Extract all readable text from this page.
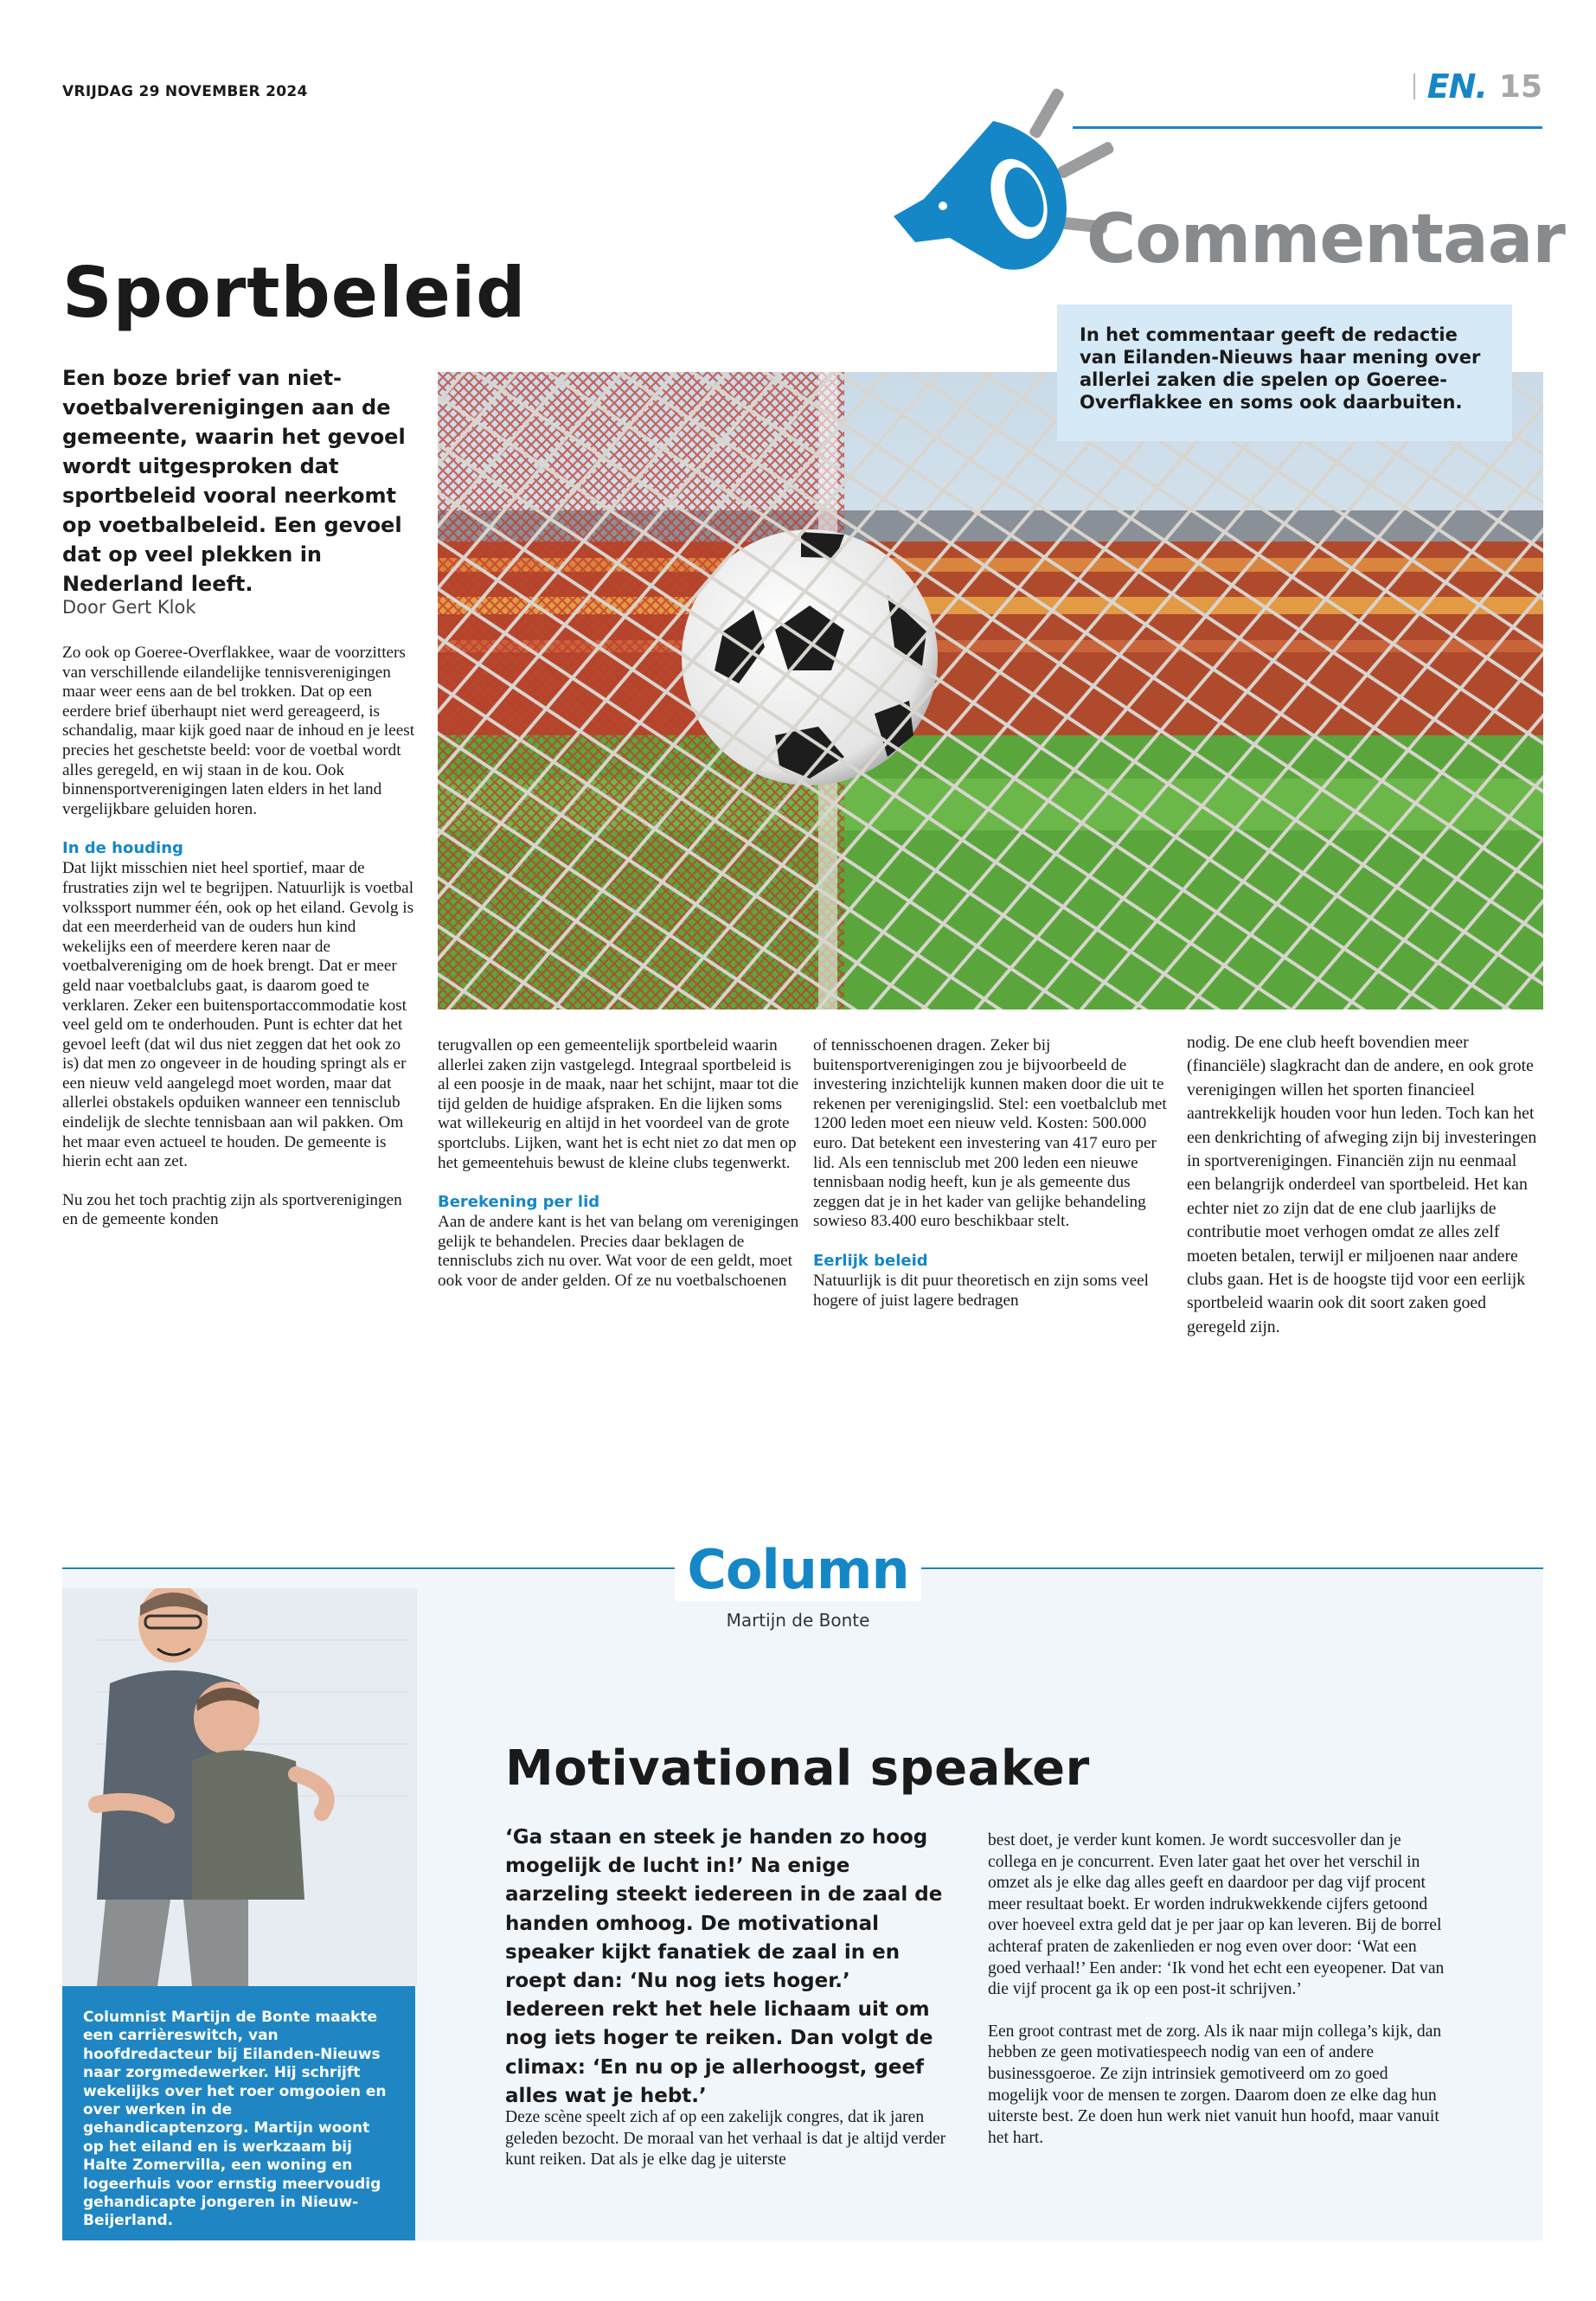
VRIJDAG 29 NOVEMBER 2024	EN. 15
Commentaar
Sportbeleid
Een boze brief van niet-voetbalverenigingen aan de gemeente, waarin het gevoel wordt uitgesproken dat sportbeleid vooral neerkomt op voetbalbeleid. Een gevoel dat op veel plekken in Nederland leeft.
Door Gert Klok
In het commentaar geeft de redactie van Eilanden-Nieuws haar mening over allerlei zaken die spelen op Goeree-Overflakkee en soms ook daarbuiten.

Zo ook op Goeree-Overflakkee, waar de voorzitters van verschillende eilandelijke tennisverenigingen maar weer eens aan de bel trokken. Dat op een eerdere brief überhaupt niet werd gereageerd, is schandalig, maar kijk goed naar de inhoud en je leest precies het geschetste beeld: voor de voetbal wordt alles geregeld, en wij staan in de kou. Ook binnensportverenigingen laten elders in het land vergelijkbare geluiden horen.

In de houding

Dat lijkt misschien niet heel sportief, maar de frustraties zijn wel te begrijpen. Natuurlijk is voetbal volkssport nummer één, ook op het eiland. Gevolg is dat een meerderheid van de ouders hun kind wekelijks een of meerdere keren naar de voetbalvereniging om de hoek brengt. Dat er meer geld naar voetbalclubs gaat, is daarom goed te verklaren. Zeker een buitensportaccommodatie kost veel geld om te onderhouden. Punt is echter dat het gevoel leeft (dat wil dus niet zeggen dat het ook zo is) dat men zo ongeveer in de houding springt als er een nieuw veld aangelegd moet worden, maar dat allerlei obstakels opduiken wanneer een tennisclub eindelijk de slechte tennisbaan aan wil pakken. Om het maar even actueel te houden. De gemeente is hierin echt aan zet.

Nu zou het toch prachtig zijn als sportverenigingen en de gemeente konden

terugvallen op een gemeentelijk sportbeleid waarin allerlei zaken zijn vastgelegd. Integraal sportbeleid is al een poosje in de maak, naar het schijnt, maar tot die tijd gelden de huidige afspraken. En die lijken soms wat willekeurig en altijd in het voordeel van de grote sportclubs. Lijken, want het is echt niet zo dat men op het gemeentehuis bewust de kleine clubs tegenwerkt.

Berekening per lid

Aan de andere kant is het van belang om verenigingen gelijk te behandelen. Precies daar beklagen de tennisclubs zich nu over. Wat voor de een geldt, moet ook voor de ander gelden. Of ze nu voetbalschoenen

of tennisschoenen dragen. Zeker bij buitensportverenigingen zou je bijvoorbeeld de investering inzichtelijk kunnen maken door die uit te rekenen per verenigingslid. Stel: een voetbalclub met 1200 leden moet een nieuw veld. Kosten: 500.000 euro. Dat betekent een investering van 417 euro per lid. Als een tennisclub met 200 leden een nieuwe tennisbaan nodig heeft, kun je als gemeente dus zeggen dat je in het kader van gelijke behandeling sowieso 83.400 euro beschikbaar stelt.

Eerlijk beleid

Natuurlijk is dit puur theoretisch en zijn soms veel hogere of juist lagere bedragen

nodig. De ene club heeft bovendien meer (financiële) slagkracht dan de andere, en ook grote verenigingen willen het sporten financieel aantrekkelijk houden voor hun leden. Toch kan het een denkrichting of afweging zijn bij investeringen in sportverenigingen. Financiën zijn nu eenmaal een belangrijk onderdeel van sportbeleid. Het kan echter niet zo zijn dat de ene club jaarlijks de contributie moet verhogen omdat ze alles zelf moeten betalen, terwijl er miljoenen naar andere clubs gaan. Het is de hoogste tijd voor een eerlijk sportbeleid waarin ook dit soort zaken goed geregeld zijn.

Column
Martijn de Bonte
Columnist Martijn de Bonte maakte een carrièreswitch, van hoofdredacteur bij Eilanden-Nieuws naar zorgmedewerker. Hij schrijft wekelijks over het roer omgooien en over werken in de gehandicaptenzorg. Martijn woont op het eiland en is werkzaam bij Halte Zomervilla, een woning en logeerhuis voor ernstig meervoudig gehandicapte jongeren in Nieuw-Beijerland.
Motivational speaker
‘Ga staan en steek je handen zo hoog mogelijk de lucht in!’ Na enige aarzeling steekt iedereen in de zaal de handen omhoog. De motivational speaker kijkt fanatiek de zaal in en roept dan: ‘Nu nog iets hoger.’ Iedereen rekt het hele lichaam uit om nog iets hoger te reiken. Dan volgt de climax: ‘En nu op je allerhoogst, geef alles wat je hebt.’
Deze scène speelt zich af op een zakelijk congres, dat ik jaren geleden bezocht. De moraal van het verhaal is dat je altijd verder kunt reiken. Dat als je elke dag je uiterste

best doet, je verder kunt komen. Je wordt succesvoller dan je collega en je concurrent. Even later gaat het over het verschil in omzet als je elke dag alles geeft en daardoor per dag vijf procent meer resultaat boekt. Er worden indrukwekkende cijfers getoond over hoeveel extra geld dat je per jaar op kan leveren. Bij de borrel achteraf praten de zakenlieden er nog even over door: ‘Wat een goed verhaal!’ Een ander: ‘Ik vond het echt een eyeopener. Dat van die vijf procent ga ik op een post-it schrijven.’

Een groot contrast met de zorg. Als ik naar mijn collega’s kijk, dan hebben ze geen motivatiespeech nodig van een of andere businessgoeroe. Ze zijn intrinsiek gemotiveerd om zo goed mogelijk voor de mensen te zorgen. Daarom doen ze elke dag hun uiterste best. Ze doen hun werk niet vanuit hun hoofd, maar vanuit het hart.
